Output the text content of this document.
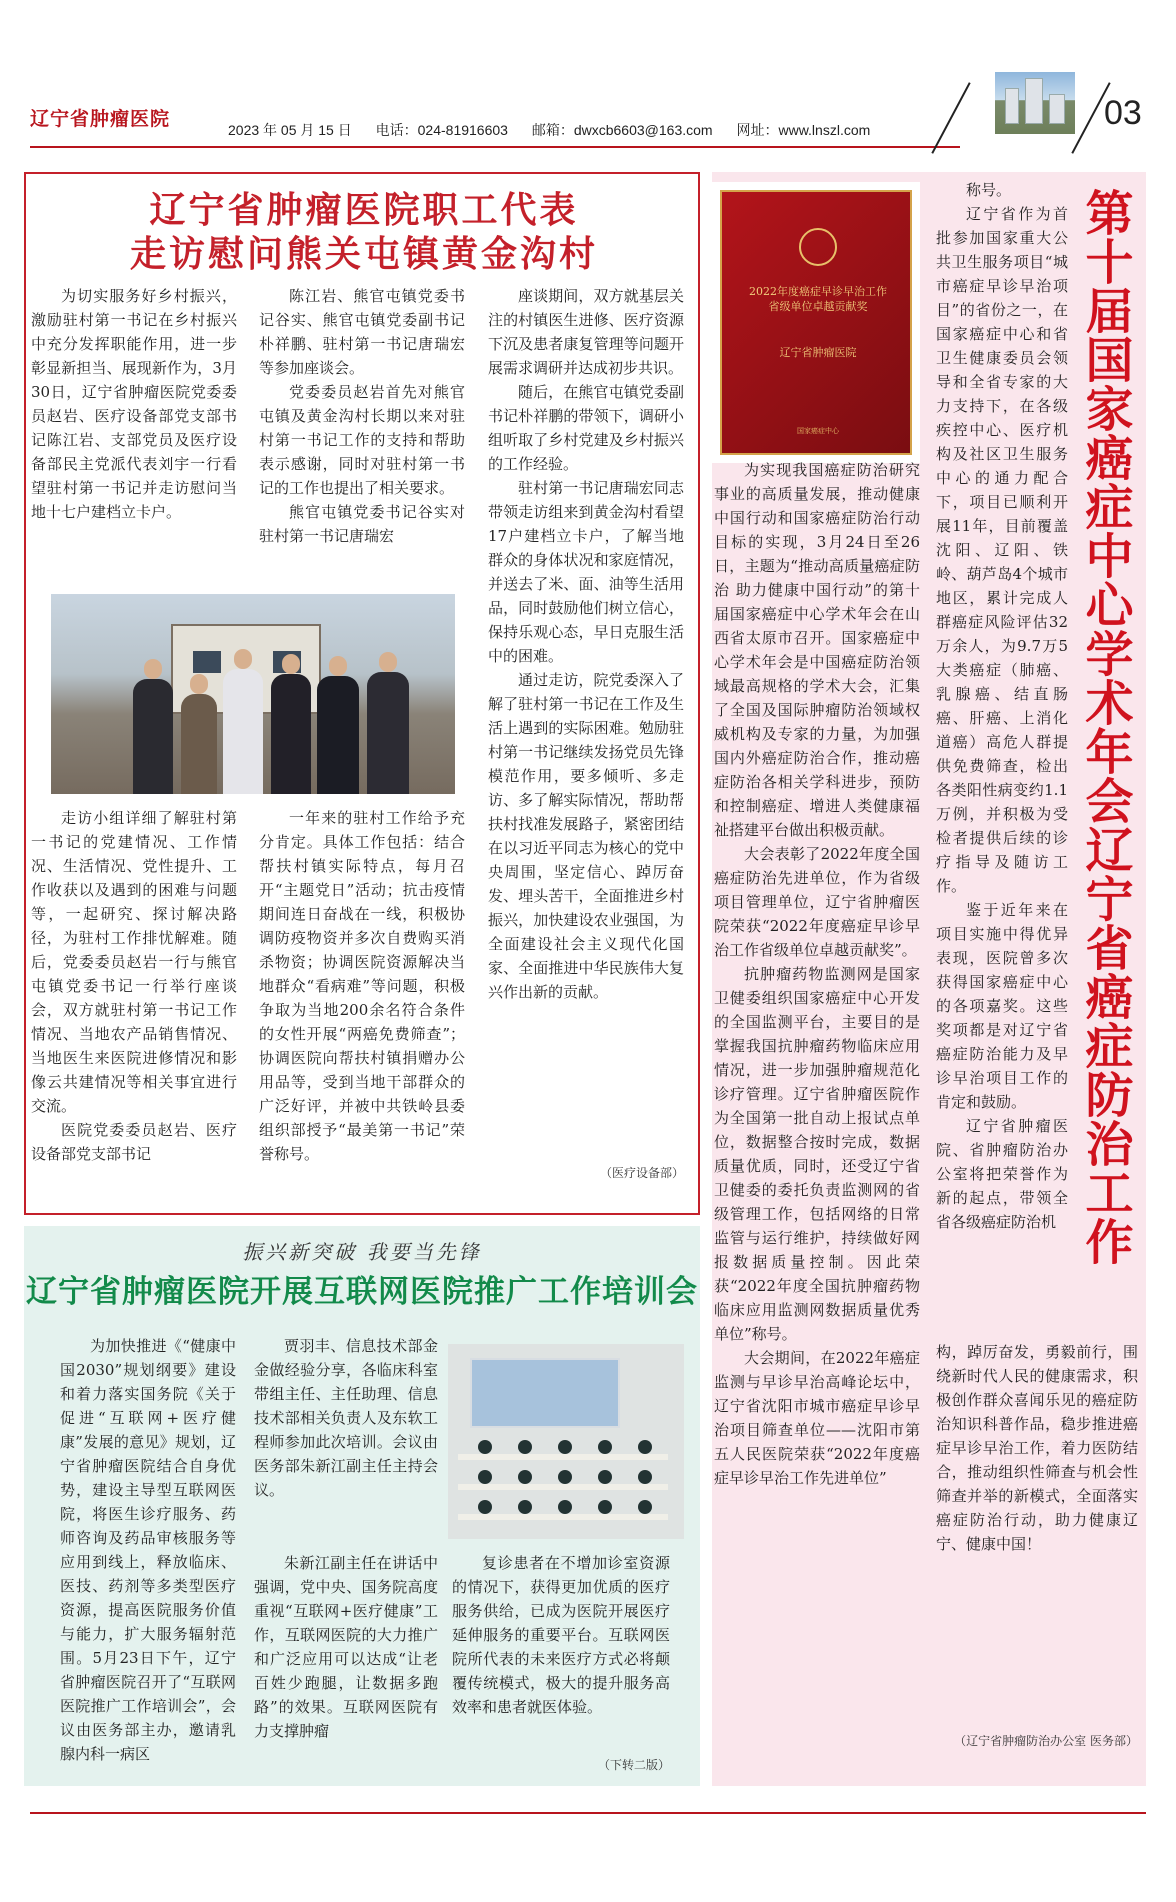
辽宁省肿瘤医院	2023 年 05 月 15 日 电话：024-81916603 邮箱：dwxcb6603@163.com 网址：www.lnszl.com	03
辽宁省肿瘤医院职工代表
走访慰问熊关屯镇黄金沟村

为切实服务好乡村振兴，激励驻村第一书记在乡村振兴中充分发挥职能作用，进一步彰显新担当、展现新作为，3月30日，辽宁省肿瘤医院党委委员赵岩、医疗设备部党支部书记陈江岩、支部党员及医疗设备部民主党派代表刘宇一行看望驻村第一书记并走访慰问当地十七户建档立卡户。

陈江岩、熊官屯镇党委书记谷实、熊官屯镇党委副书记朴祥鹏、驻村第一书记唐瑞宏等参加座谈会。

党委委员赵岩首先对熊官屯镇及黄金沟村长期以来对驻村第一书记工作的支持和帮助表示感谢，同时对驻村第一书记的工作也提出了相关要求。

熊官屯镇党委书记谷实对驻村第一书记唐瑞宏

座谈期间，双方就基层关注的村镇医生进修、医疗资源下沉及患者康复管理等问题开展需求调研并达成初步共识。

随后，在熊官屯镇党委副书记朴祥鹏的带领下，调研小组听取了乡村党建及乡村振兴的工作经验。

驻村第一书记唐瑞宏同志带领走访组来到黄金沟村看望17户建档立卡户，了解当地群众的身体状况和家庭情况，并送去了米、面、油等生活用品，同时鼓励他们树立信心，保持乐观心态，早日克服生活中的困难。

通过走访，院党委深入了解了驻村第一书记在工作及生活上遇到的实际困难。勉励驻村第一书记继续发扬党员先锋模范作用，要多倾听、多走访、多了解实际情况，帮助帮扶村找准发展路子，紧密团结在以习近平同志为核心的党中央周围，坚定信心、踔厉奋发、埋头苦干，全面推进乡村振兴，加快建设农业强国，为全面建设社会主义现代化国家、全面推进中华民族伟大复兴作出新的贡献。

（医疗设备部）

走访小组详细了解驻村第一书记的党建情况、工作情况、生活情况、党性提升、工作收获以及遇到的困难与问题等，一起研究、探讨解决路径，为驻村工作排忧解难。随后，党委委员赵岩一行与熊官屯镇党委书记一行举行座谈会，双方就驻村第一书记工作情况、当地农产品销售情况、当地医生来医院进修情况和影像云共建情况等相关事宜进行交流。

医院党委委员赵岩、医疗设备部党支部书记

一年来的驻村工作给予充分肯定。具体工作包括：结合帮扶村镇实际特点，每月召开“主题党日”活动；抗击疫情期间连日奋战在一线，积极协调防疫物资并多次自费购买消杀物资；协调医院资源解决当地群众“看病难”等问题，积极争取为当地200余名符合条件的女性开展“两癌免费筛查”；协调医院向帮扶村镇捐赠办公用品等，受到当地干部群众的广泛好评，并被中共铁岭县委组织部授予“最美第一书记”荣誉称号。

振兴新突破 我要当先锋
辽宁省肿瘤医院开展互联网医院推广工作培训会

为加快推进《“健康中国2030”规划纲要》建设和着力落实国务院《关于促进“互联网+医疗健康”发展的意见》规划，辽宁省肿瘤医院结合自身优势，建设主导型互联网医院，将医生诊疗服务、药师咨询及药品审核服务等应用到线上，释放临床、医技、药剂等多类型医疗资源，提高医院服务价值与能力，扩大服务辐射范围。5月23日下午，辽宁省肿瘤医院召开了“互联网医院推广工作培训会”，会议由医务部主办，邀请乳腺内科一病区

贾羽丰、信息技术部金金做经验分享，各临床科室带组主任、主任助理、信息技术部相关负责人及东软工程师参加此次培训。会议由医务部朱新江副主任主持会议。

朱新江副主任在讲话中强调，党中央、国务院高度重视“互联网+医疗健康”工作，互联网医院的大力推广和广泛应用可以达成“让老百姓少跑腿，让数据多跑路”的效果。互联网医院有力支撑肿瘤

复诊患者在不增加诊室资源的情况下，获得更加优质的医疗服务供给，已成为医院开展医疗延伸服务的重要平台。互联网医院所代表的未来医疗方式必将颠覆传统模式，极大的提升服务高效率和患者就医体验。

（下转二版）
2022年度癌症早诊早治工作
省级单位卓越贡献奖
辽宁省肿瘤医院
国家癌症中心
第十届国家癌症中心学术年会辽宁省癌症防治工作

为实现我国癌症防治研究事业的高质量发展，推动健康中国行动和国家癌症防治行动目标的实现，3月24日至26日，主题为“推动高质量癌症防治 助力健康中国行动”的第十届国家癌症中心学术年会在山西省太原市召开。国家癌症中心学术年会是中国癌症防治领域最高规格的学术大会，汇集了全国及国际肿瘤防治领域权威机构及专家的力量，为加强国内外癌症防治合作，推动癌症防治各相关学科进步，预防和控制癌症、增进人类健康福祉搭建平台做出积极贡献。

大会表彰了2022年度全国癌症防治先进单位，作为省级项目管理单位，辽宁省肿瘤医院荣获“2022年度癌症早诊早治工作省级单位卓越贡献奖”。

抗肿瘤药物监测网是国家卫健委组织国家癌症中心开发的全国监测平台，主要目的是掌握我国抗肿瘤药物临床应用情况，进一步加强肿瘤规范化诊疗管理。辽宁省肿瘤医院作为全国第一批自动上报试点单位，数据整合按时完成，数据质量优质，同时，还受辽宁省卫健委的委托负责监测网的省级管理工作，包括网络的日常监管与运行维护，持续做好网报数据质量控制。因此荣获“2022年度全国抗肿瘤药物临床应用监测网数据质量优秀单位”称号。

大会期间，在2022年癌症监测与早诊早治高峰论坛中，辽宁省沈阳市城市癌症早诊早治项目筛查单位——沈阳市第五人民医院荣获“2022年度癌症早诊早治工作先进单位”

称号。

辽宁省作为首批参加国家重大公共卫生服务项目“城市癌症早诊早治项目”的省份之一，在国家癌症中心和省卫生健康委员会领导和全省专家的大力支持下，在各级疾控中心、医疗机构及社区卫生服务中心的通力配合下，项目已顺利开展11年，目前覆盖沈阳、辽阳、铁岭、葫芦岛4个城市地区，累计完成人群癌症风险评估32万余人，为9.7万5大类癌症（肺癌、乳腺癌、结直肠癌、肝癌、上消化道癌）高危人群提供免费筛查，检出各类阳性病变约1.1万例，并积极为受检者提供后续的诊疗指导及随访工作。

鉴于近年来在项目实施中得优异表现，医院曾多次获得国家癌症中心的各项嘉奖。这些奖项都是对辽宁省癌症防治能力及早诊早治项目工作的肯定和鼓励。

辽宁省肿瘤医院、省肿瘤防治办公室将把荣誉作为新的起点，带领全省各级癌症防治机

构，踔厉奋发，勇毅前行，围绕新时代人民的健康需求，积极创作群众喜闻乐见的癌症防治知识科普作品，稳步推进癌症早诊早治工作，着力医防结合，推动组织性筛查与机会性筛查并举的新模式，全面落实癌症防治行动，助力健康辽宁、健康中国！

（辽宁省肿瘤防治办公室 医务部）
